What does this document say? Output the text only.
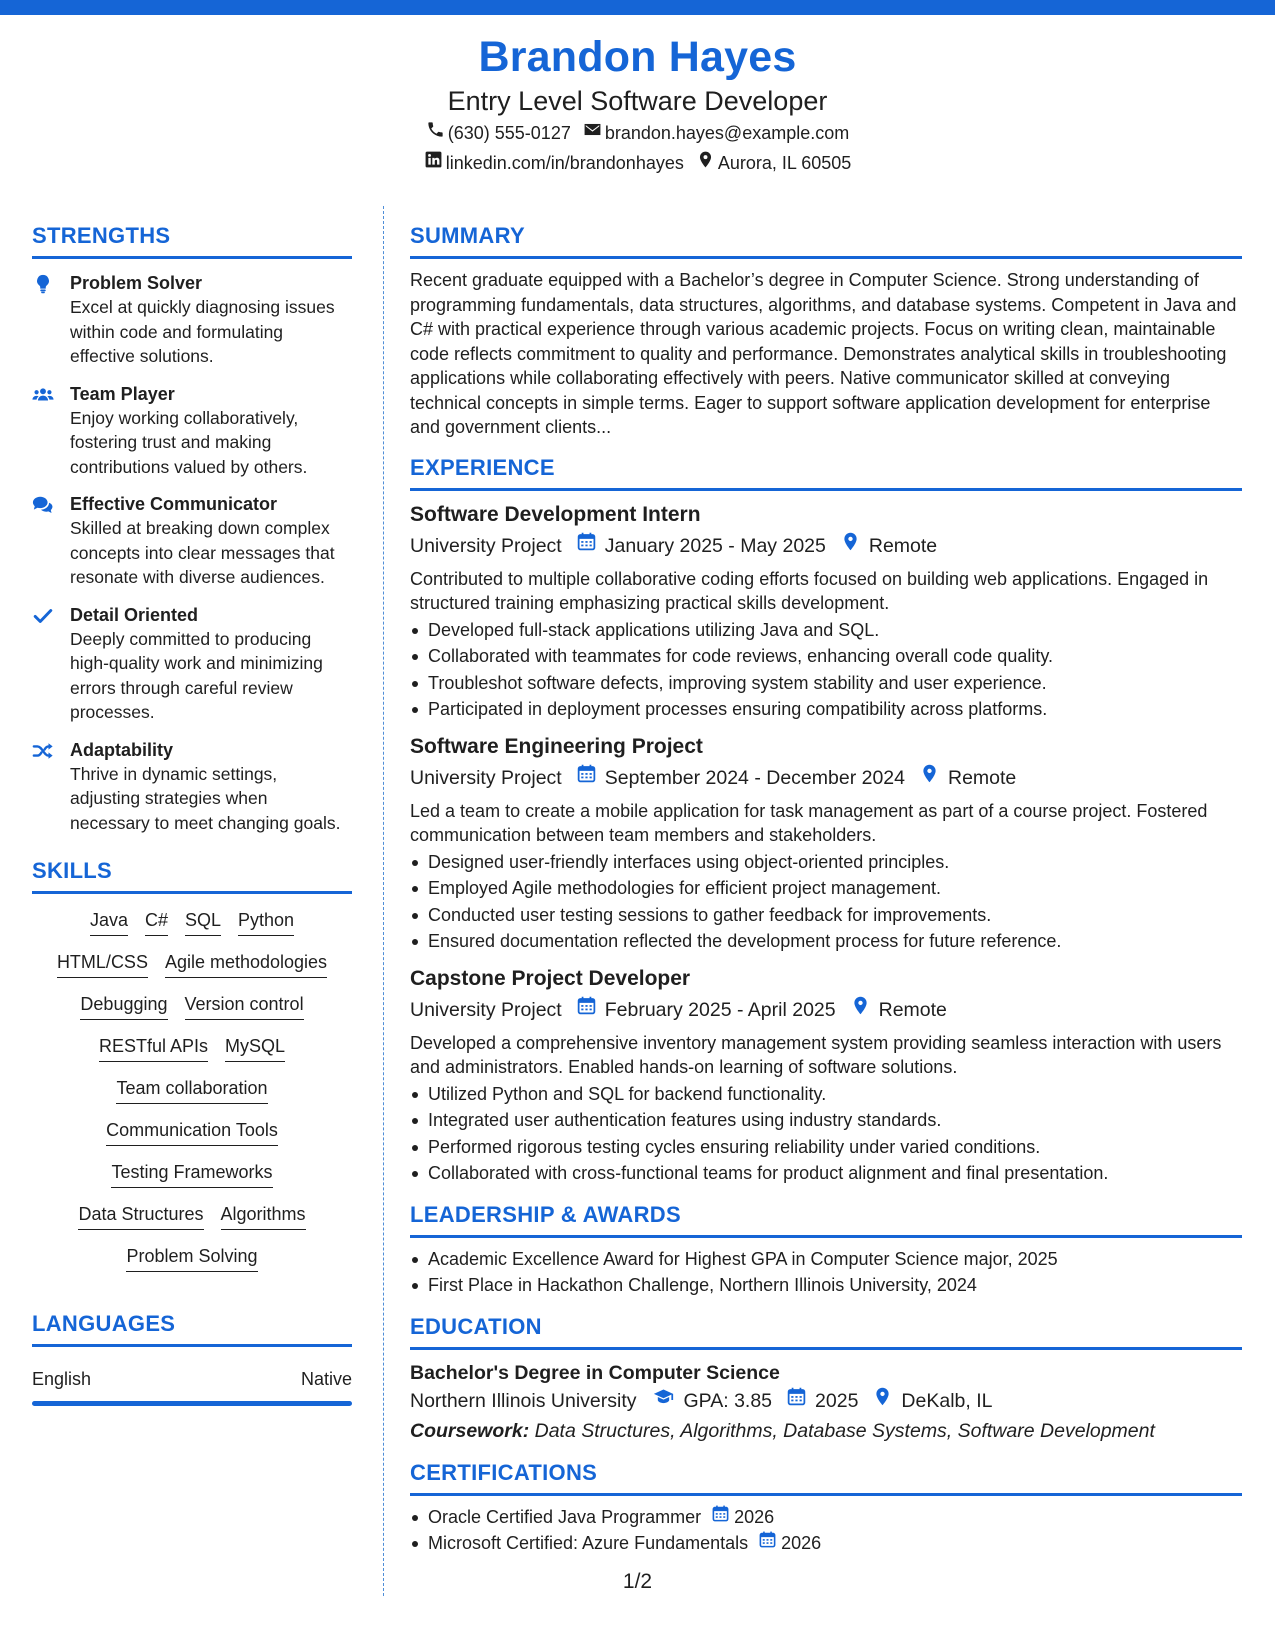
Brandon Hayes
Entry Level Software Developer
(630) 555-0127 brandon.hayes@example.com
linkedin.com/in/brandonhayes Aurora, IL 60505
STRENGTHS
Problem Solver
Excel at quickly diagnosing issues within code and formulating effective solutions.
Team Player
Enjoy working collaboratively, fostering trust and making contributions valued by others.
Effective Communicator
Skilled at breaking down complex concepts into clear messages that resonate with diverse audiences.
Detail Oriented
Deeply committed to producing high-quality work and minimizing errors through careful review processes.
Adaptability
Thrive in dynamic settings, adjusting strategies when necessary to meet changing goals.
SKILLS
Java C# SQL Python
HTML/CSS Agile methodologies
Debugging Version control
RESTful APIs MySQL
Team collaboration
Communication Tools
Testing Frameworks
Data Structures Algorithms
Problem Solving
LANGUAGES
English	Native
SUMMARY
Recent graduate equipped with a Bachelor’s degree in Computer Science. Strong understanding of programming fundamentals, data structures, algorithms, and database systems. Competent in Java and C# with practical experience through various academic projects. Focus on writing clean, maintainable code reflects commitment to quality and performance. Demonstrates analytical skills in troubleshooting applications while collaborating effectively with peers. Native communicator skilled at conveying technical concepts in simple terms. Eager to support software application development for enterprise and government clients...
EXPERIENCE
Software Development Intern
University Project January 2025 - May 2025 Remote
Contributed to multiple collaborative coding efforts focused on building web applications. Engaged in structured training emphasizing practical skills development.
Developed full-stack applications utilizing Java and SQL.
Collaborated with teammates for code reviews, enhancing overall code quality.
Troubleshot software defects, improving system stability and user experience.
Participated in deployment processes ensuring compatibility across platforms.
Software Engineering Project
University Project September 2024 - December 2024 Remote
Led a team to create a mobile application for task management as part of a course project. Fostered communication between team members and stakeholders.
Designed user-friendly interfaces using object-oriented principles.
Employed Agile methodologies for efficient project management.
Conducted user testing sessions to gather feedback for improvements.
Ensured documentation reflected the development process for future reference.
Capstone Project Developer
University Project February 2025 - April 2025 Remote
Developed a comprehensive inventory management system providing seamless interaction with users and administrators. Enabled hands-on learning of software solutions.
Utilized Python and SQL for backend functionality.
Integrated user authentication features using industry standards.
Performed rigorous testing cycles ensuring reliability under varied conditions.
Collaborated with cross-functional teams for product alignment and final presentation.
LEADERSHIP & AWARDS
Academic Excellence Award for Highest GPA in Computer Science major, 2025
First Place in Hackathon Challenge, Northern Illinois University, 2024
EDUCATION
Bachelor's Degree in Computer Science
Northern Illinois University GPA: 3.85 2025 DeKalb, IL
Coursework: Data Structures, Algorithms, Database Systems, Software Development
CERTIFICATIONS
Oracle Certified Java Programmer 2026
Microsoft Certified: Azure Fundamentals 2026
1/2
